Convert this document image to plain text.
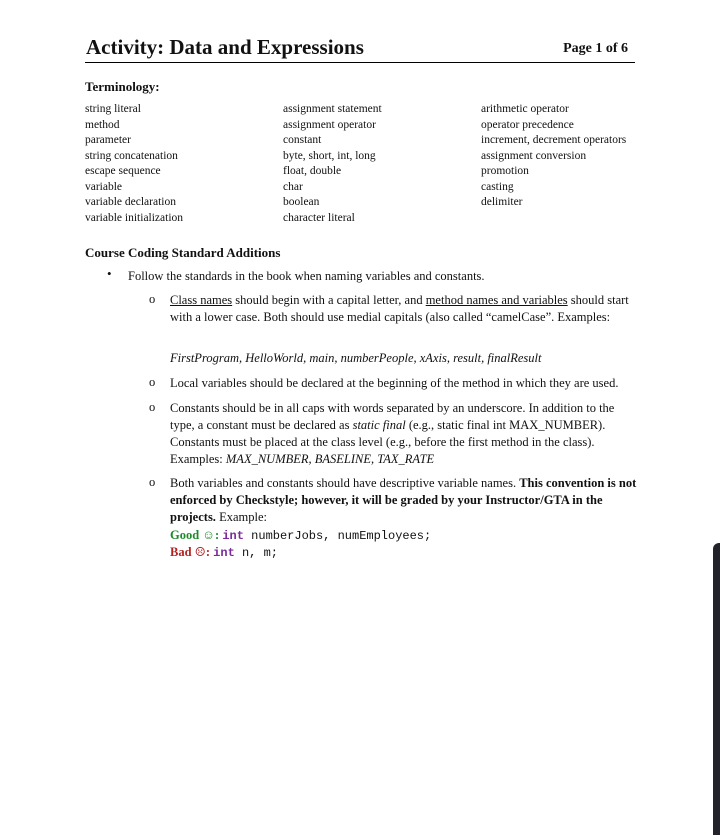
Activity: Data and Expressions	Page 1 of 6
Terminology:
string literal
method
parameter
string concatenation
escape sequence
variable
variable declaration
variable initialization
assignment statement
assignment operator
constant
byte, short, int, long
float, double
char
boolean
character literal
arithmetic operator
operator precedence
increment, decrement operators
assignment conversion
promotion
casting
delimiter
Course Coding Standard Additions
• Follow the standards in the book when naming variables and constants.
o Class names should begin with a capital letter, and method names and variables should start with a lower case. Both should use medial capitals (also called “camelCase”. Examples:
FirstProgram, HelloWorld, main, numberPeople, xAxis, result, finalResult
o Local variables should be declared at the beginning of the method in which they are used.
o Constants should be in all caps with words separated by an underscore. In addition to the type, a constant must be declared as static final (e.g., static final int MAX_NUMBER). Constants must be placed at the class level (e.g., before the first method in the class). Examples: MAX_NUMBER, BASELINE, TAX_RATE
o Both variables and constants should have descriptive variable names. This convention is not enforced by Checkstyle; however, it will be graded by your Instructor/GTA in the projects. Example:
Good ☺: int numberJobs, numEmployees;
Bad ☹: int n, m;
